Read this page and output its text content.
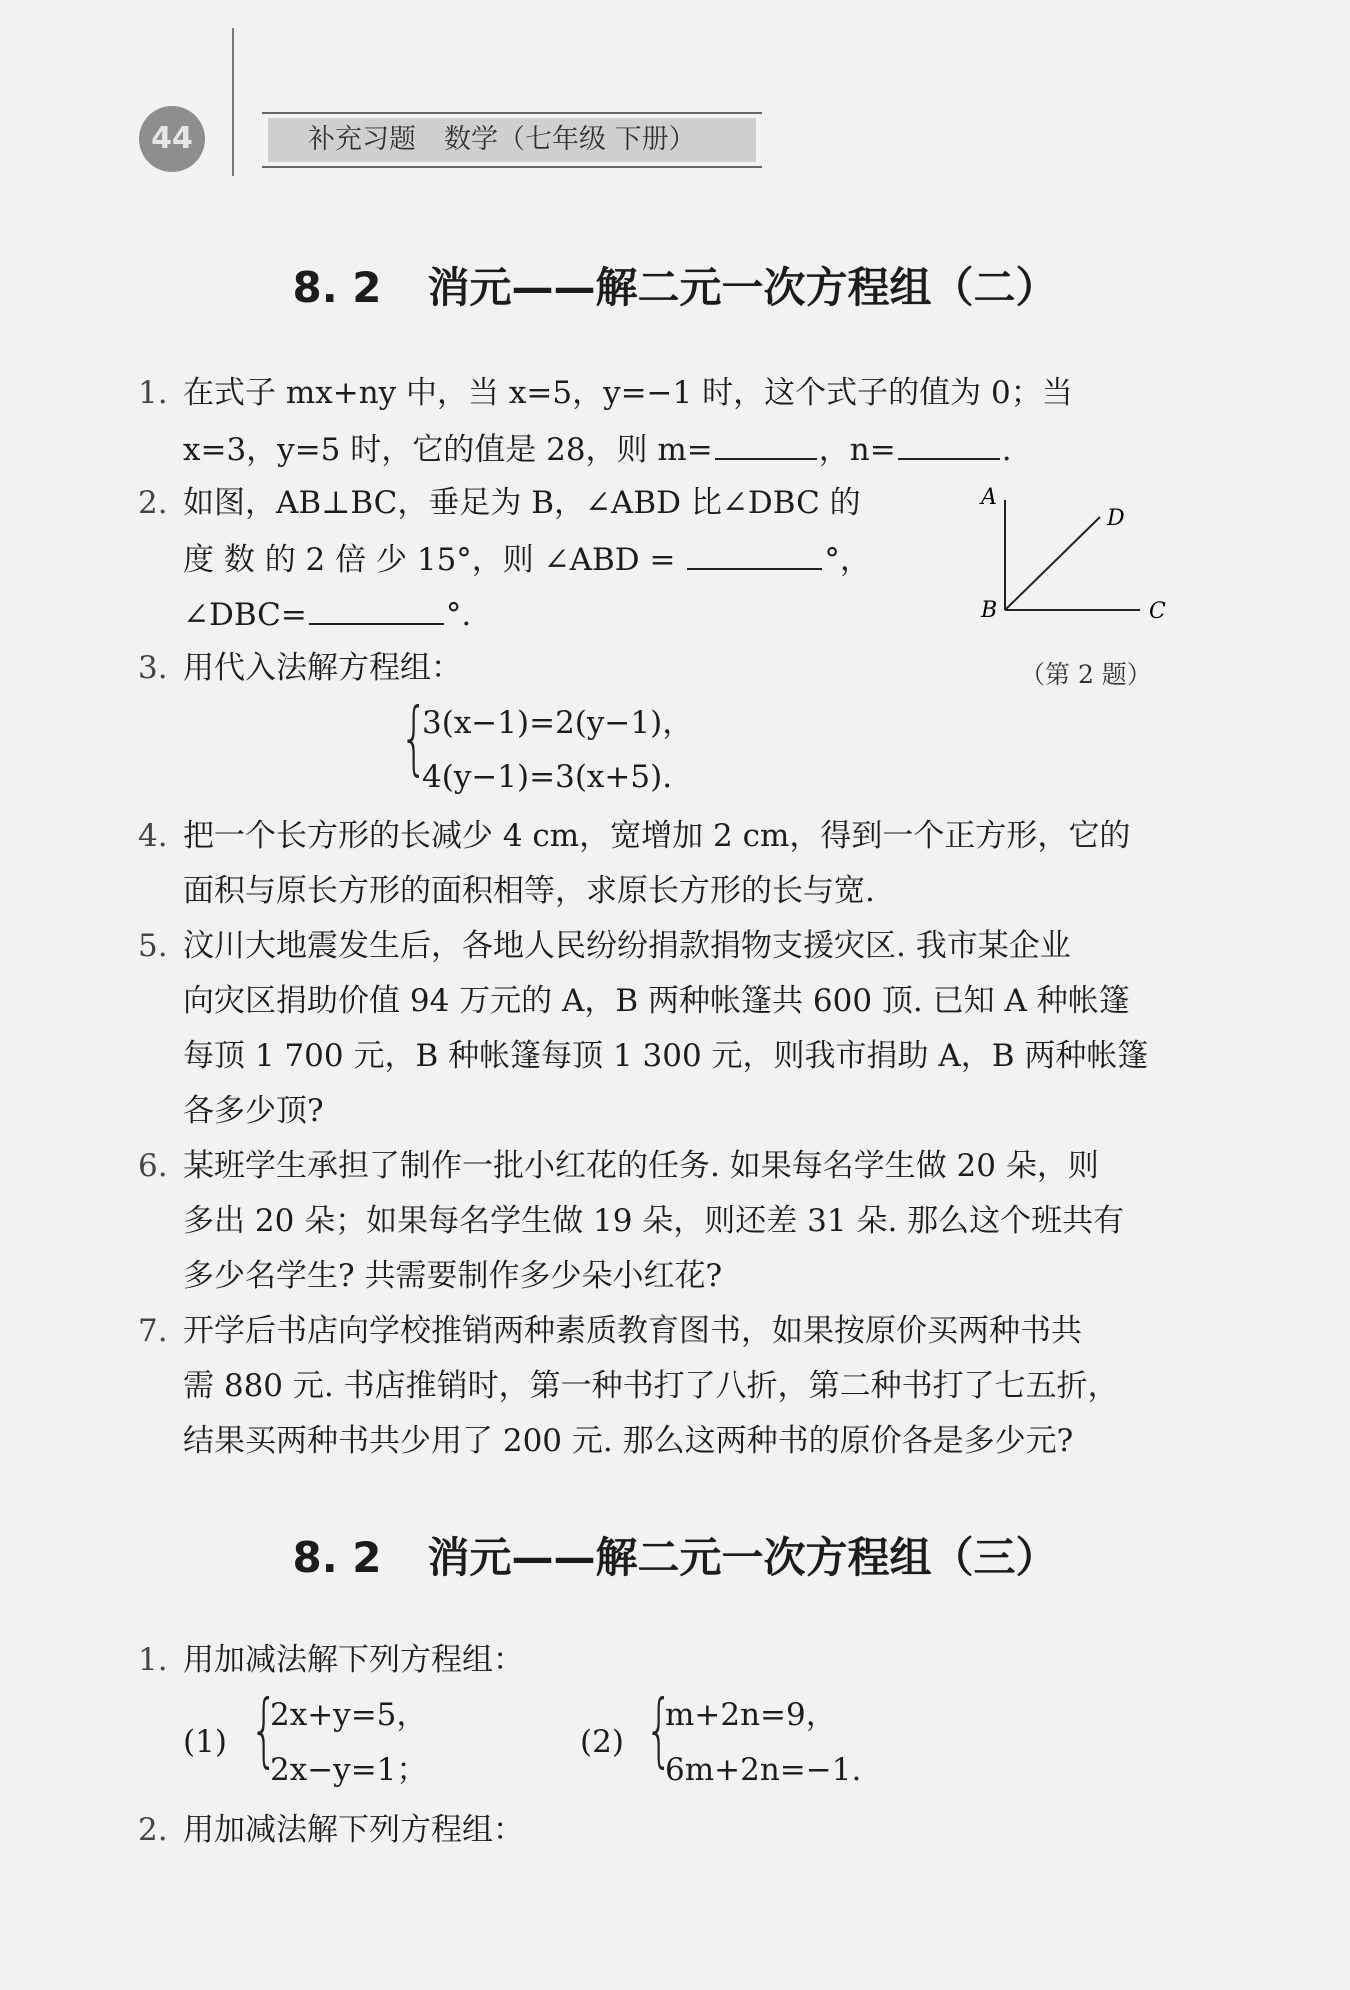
44	补充习题 数学（七年级 下册）
8. 2 消元——解二元一次方程组（二）
1. 在式子 mx+ny 中，当 x=5，y=−1 时，这个式子的值为 0；当
x=3，y=5 时，它的值是 28，则 m=	，n=	.
2. 如图，AB⊥BC，垂足为 B，∠ABD 比∠DBC 的
度 数 的 2 倍 少 15°，则 ∠ABD =	°，
∠DBC=	°.
A
D
B	C
（第 2 题）
3. 用代入法解方程组：
{
3(x−1)=2(y−1)，
4(y−1)=3(x+5).
4. 把一个长方形的长减少 4 cm，宽增加 2 cm，得到一个正方形，它的
面积与原长方形的面积相等，求原长方形的长与宽.
5. 汶川大地震发生后，各地人民纷纷捐款捐物支援灾区. 我市某企业
向灾区捐助价值 94 万元的 A，B 两种帐篷共 600 顶. 已知 A 种帐篷
每顶 1 700 元，B 种帐篷每顶 1 300 元，则我市捐助 A，B 两种帐篷
各多少顶?
6. 某班学生承担了制作一批小红花的任务. 如果每名学生做 20 朵，则
多出 20 朵；如果每名学生做 19 朵，则还差 31 朵. 那么这个班共有
多少名学生? 共需要制作多少朵小红花?
7. 开学后书店向学校推销两种素质教育图书，如果按原价买两种书共
需 880 元. 书店推销时，第一种书打了八折，第二种书打了七五折，
结果买两种书共少用了 200 元. 那么这两种书的原价各是多少元?
8. 2 消元——解二元一次方程组（三）
1. 用加减法解下列方程组：
(1) {
2x+y=5，
2x−y=1；
(2) {
m+2n=9，
6m+2n=−1.
2. 用加减法解下列方程组：
